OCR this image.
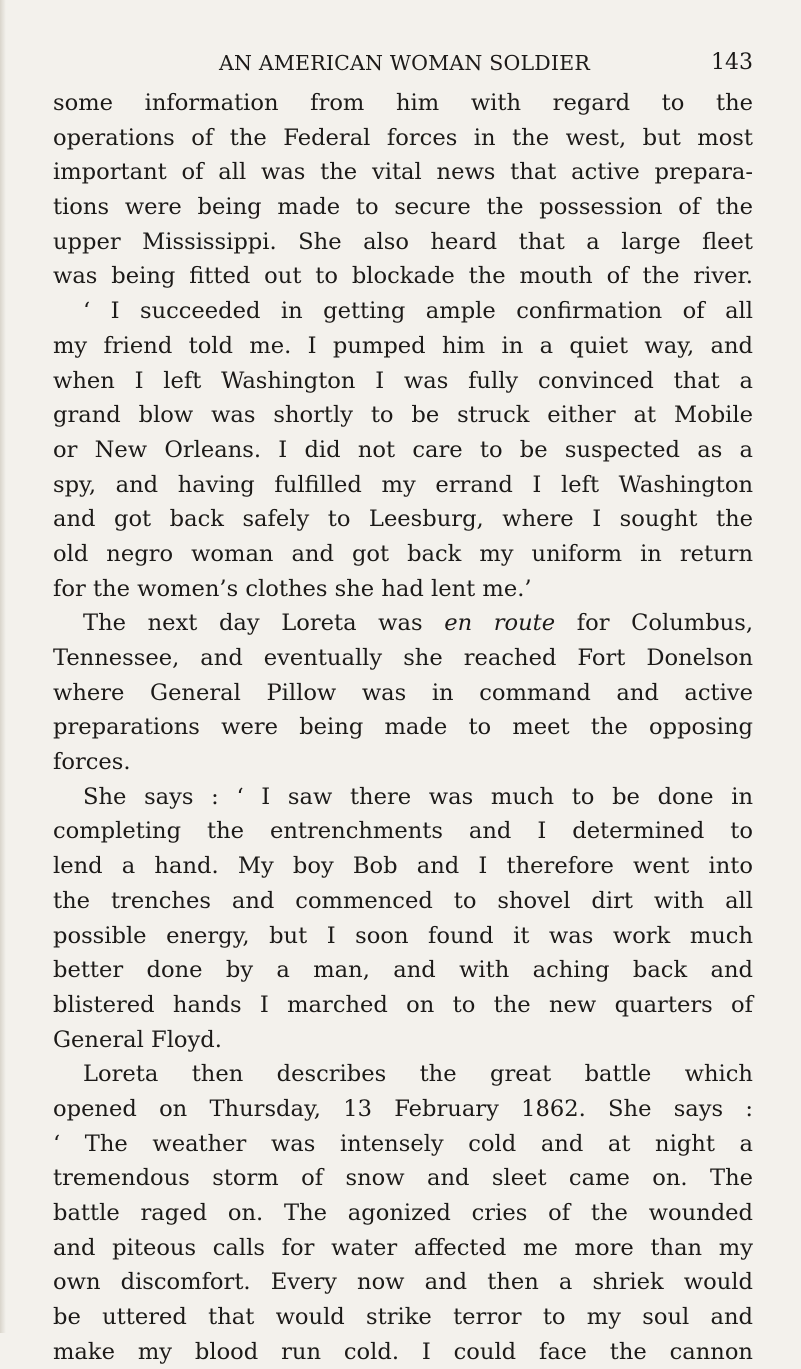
AN AMERICAN WOMAN SOLDIER	143
some information from him with regard to the
operations of the Federal forces in the west, but most
important of all was the vital news that active prepara-
tions were being made to secure the possession of the
upper Mississippi. She also heard that a large fleet
was being fitted out to blockade the mouth of the river.
‘ I succeeded in getting ample confirmation of all
my friend told me. I pumped him in a quiet way, and
when I left Washington I was fully convinced that a
grand blow was shortly to be struck either at Mobile
or New Orleans. I did not care to be suspected as a
spy, and having fulfilled my errand I left Washington
and got back safely to Leesburg, where I sought the
old negro woman and got back my uniform in return
for the women’s clothes she had lent me.’
The next day Loreta was en route for Columbus,
Tennessee, and eventually she reached Fort Donelson
where General Pillow was in command and active
preparations were being made to meet the opposing
forces.
She says : ‘ I saw there was much to be done in
completing the entrenchments and I determined to
lend a hand. My boy Bob and I therefore went into
the trenches and commenced to shovel dirt with all
possible energy, but I soon found it was work much
better done by a man, and with aching back and
blistered hands I marched on to the new quarters of
General Floyd.
Loreta then describes the great battle which
opened on Thursday, 13 February 1862. She says :
‘ The weather was intensely cold and at night a
tremendous storm of snow and sleet came on. The
battle raged on. The agonized cries of the wounded
and piteous calls for water affected me more than my
own discomfort. Every now and then a shriek would
be uttered that would strike terror to my soul and
make my blood run cold. I could face the cannon
